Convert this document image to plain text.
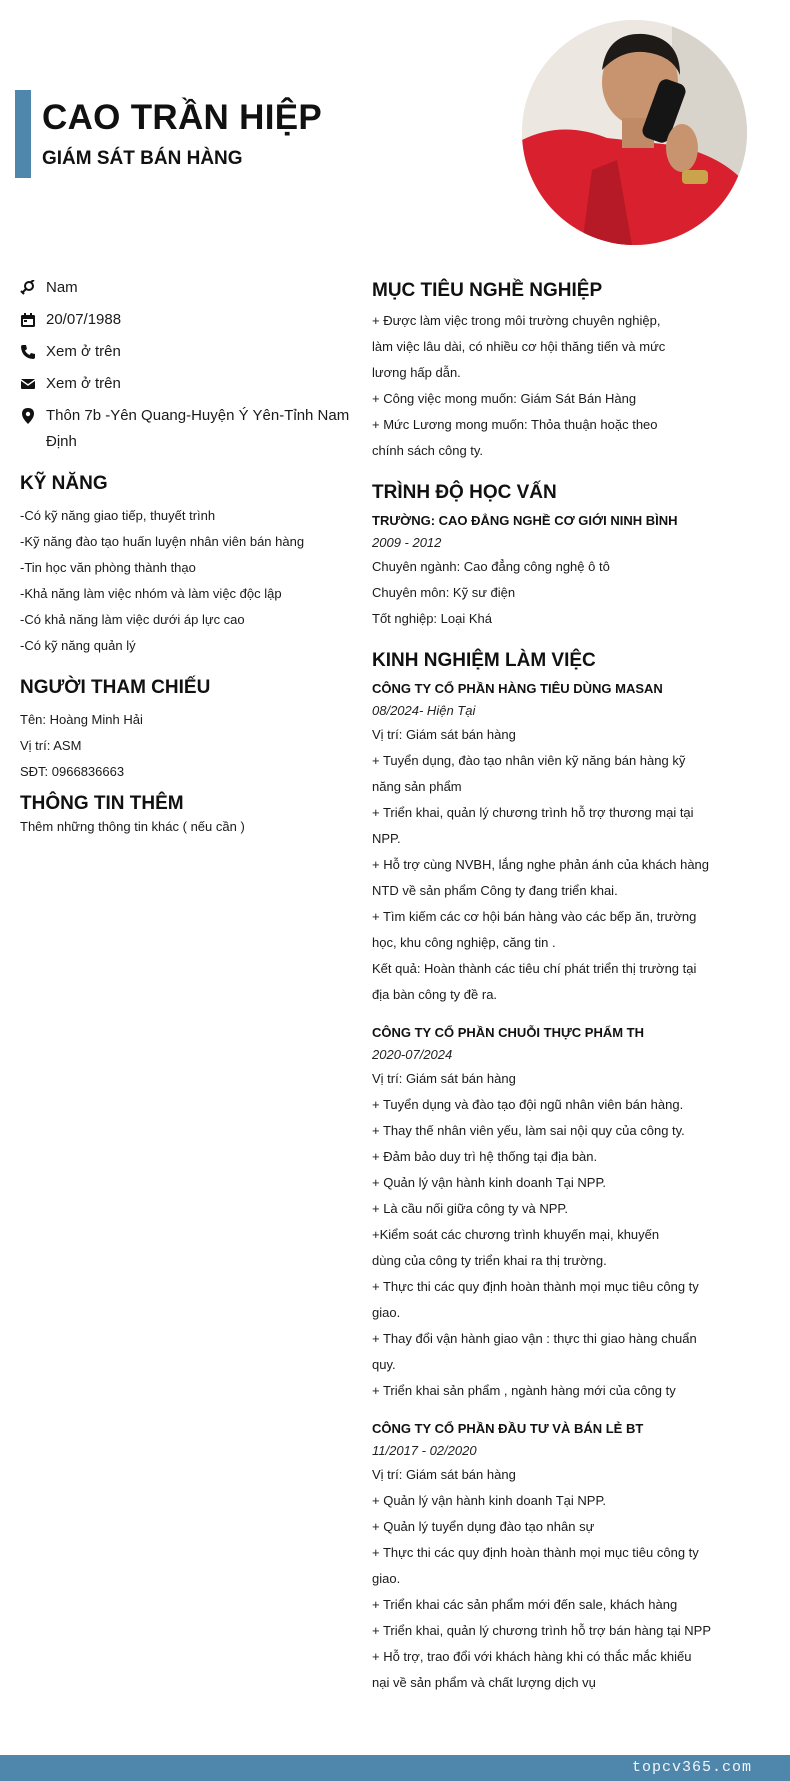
CAO TRẦN HIỆP
GIÁM SÁT BÁN HÀNG
Nam
20/07/1988
Xem ở trên
Xem ở trên
Thôn 7b -Yên Quang-Huyện Ý Yên-Tỉnh Nam Định
KỸ NĂNG
-Có kỹ năng giao tiếp, thuyết trình
-Kỹ năng đào tạo huấn luyện nhân viên bán hàng
-Tin học văn phòng thành thạo
-Khả năng làm việc nhóm và làm việc độc lập
-Có khả năng làm việc dưới áp lực cao
-Có kỹ năng quản lý
NGƯỜI THAM CHIẾU
Tên: Hoàng Minh Hải
Vị trí: ASM
SĐT: 0966836663
THÔNG TIN THÊM
Thêm những thông tin khác ( nếu cần )
MỤC TIÊU NGHỀ NGHIỆP
+ Được làm việc trong môi trường chuyên nghiệp,
làm việc lâu dài, có nhiều cơ hội thăng tiến và mức
lương hấp dẫn.
+ Công việc mong muốn: Giám Sát Bán Hàng
+ Mức Lương mong muốn: Thỏa thuận hoặc theo
chính sách công ty.
TRÌNH ĐỘ HỌC VẤN
TRƯỜNG: CAO ĐẲNG NGHỀ CƠ GIỚI NINH BÌNH
2009 - 2012
Chuyên ngành: Cao đẳng công nghệ ô tô
Chuyên môn: Kỹ sư điện
Tốt nghiệp: Loại Khá
KINH NGHIỆM LÀM VIỆC
CÔNG TY CỔ PHẦN HÀNG TIÊU DÙNG MASAN
08/2024- Hiện Tại
Vị trí: Giám sát bán hàng
+ Tuyển dụng, đào tạo nhân viên kỹ năng bán hàng kỹ
năng sản phẩm
+ Triển khai, quản lý chương trình hỗ trợ thương mại tại
NPP.
+ Hỗ trợ cùng NVBH, lắng nghe phản ánh của khách hàng
NTD về sản phẩm Công ty đang triển khai.
+ Tìm kiếm các cơ hội bán hàng vào các bếp ăn, trường
học, khu công nghiệp, căng tin .
Kết quả: Hoàn thành các tiêu chí phát triển thị trường tại
địa bàn công ty đề ra.
CÔNG TY CỔ PHẦN CHUỖI THỰC PHẨM TH
2020-07/2024
Vị trí: Giám sát bán hàng
+ Tuyển dụng và đào tạo đội ngũ nhân viên bán hàng.
+ Thay thế nhân viên yếu, làm sai nội quy của công ty.
+ Đảm bảo duy trì hệ thống tại địa bàn.
+ Quản lý vận hành kinh doanh Tại NPP.
+ Là cầu nối giữa công ty và NPP.
+Kiểm soát các chương trình khuyến mại, khuyến
dùng của công ty triển khai ra thị trường.
+ Thực thi các quy định hoàn thành mọi mục tiêu công ty
giao.
+ Thay đổi vận hành giao vận : thực thi giao hàng chuẩn
quy.
+ Triển khai sản phẩm , ngành hàng mới của công ty
CÔNG TY CỔ PHẦN ĐẦU TƯ VÀ BÁN LẺ BT
11/2017 - 02/2020
Vị trí: Giám sát bán hàng
+ Quản lý vận hành kinh doanh Tại NPP.
+ Quản lý tuyển dụng đào tạo nhân sự
+ Thực thi các quy định hoàn thành mọi mục tiêu công ty
giao.
+ Triển khai các sản phẩm mới đến sale, khách hàng
+ Triển khai, quản lý chương trình hỗ trợ bán hàng tại NPP
+ Hỗ trợ, trao đổi với khách hàng khi có thắc mắc khiếu
nại về sản phẩm và chất lượng dịch vụ
topcv365.com
